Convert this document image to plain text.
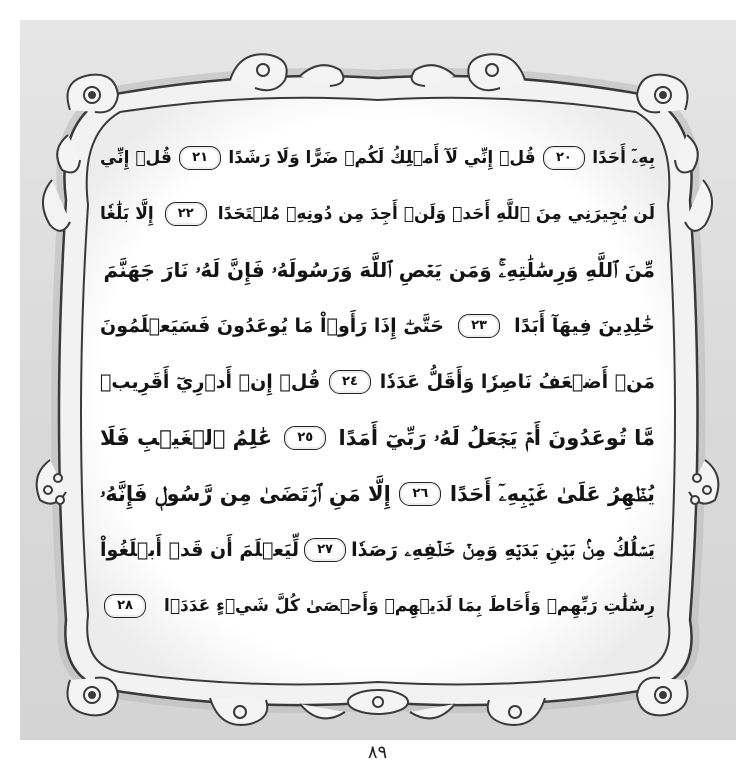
بِهِۦٓ أَحَدًا
٢٠
قُلۡ إِنِّي لَآ أَمۡلِكُ لَكُمۡ ضَرًّا وَلَا رَشَدًا
٢١
قُلۡ إِنِّي
لَن يُجِيرَنِي مِنَ ٱللَّهِ أَحَدٞ وَلَنۡ أَجِدَ مِن دُونِهِۦ مُلۡتَحَدًا
٢٢
إِلَّا بَلَٰغٗا
مِّنَ ٱللَّهِ وَرِسَٰلَٰتِهِۦۚ وَمَن يَعۡصِ ٱللَّهَ وَرَسُولَهُۥ فَإِنَّ لَهُۥ نَارَ جَهَنَّمَ
خَٰلِدِينَ فِيهَآ أَبَدًا
٢٣
حَتَّىٰٓ إِذَا رَأَوۡاْ مَا يُوعَدُونَ فَسَيَعۡلَمُونَ
مَنۡ أَضۡعَفُ نَاصِرٗا وَأَقَلُّ عَدَدٗا
٢٤
قُلۡ إِنۡ أَدۡرِيٓ أَقَرِيبٞ
مَّا تُوعَدُونَ أَمۡ يَجۡعَلُ لَهُۥ رَبِّيٓ أَمَدًا
٢٥
عَٰلِمُ ٱلۡغَيۡبِ فَلَا
يُظۡهِرُ عَلَىٰ غَيۡبِهِۦٓ أَحَدًا
٢٦
إِلَّا مَنِ ٱرۡتَضَىٰ مِن رَّسُولٖ فَإِنَّهُۥ
يَسۡلُكُ مِنۢ بَيۡنِ يَدَيۡهِ وَمِنۡ خَلۡفِهِۦ رَصَدٗا
٢٧
لِّيَعۡلَمَ أَن قَدۡ أَبۡلَغُواْ
رِسَٰلَٰتِ رَبِّهِمۡ وَأَحَاطَ بِمَا لَدَيۡهِمۡ وَأَحۡصَىٰ كُلَّ شَيۡءٍ عَدَدَۢا
٢٨
٨٩
